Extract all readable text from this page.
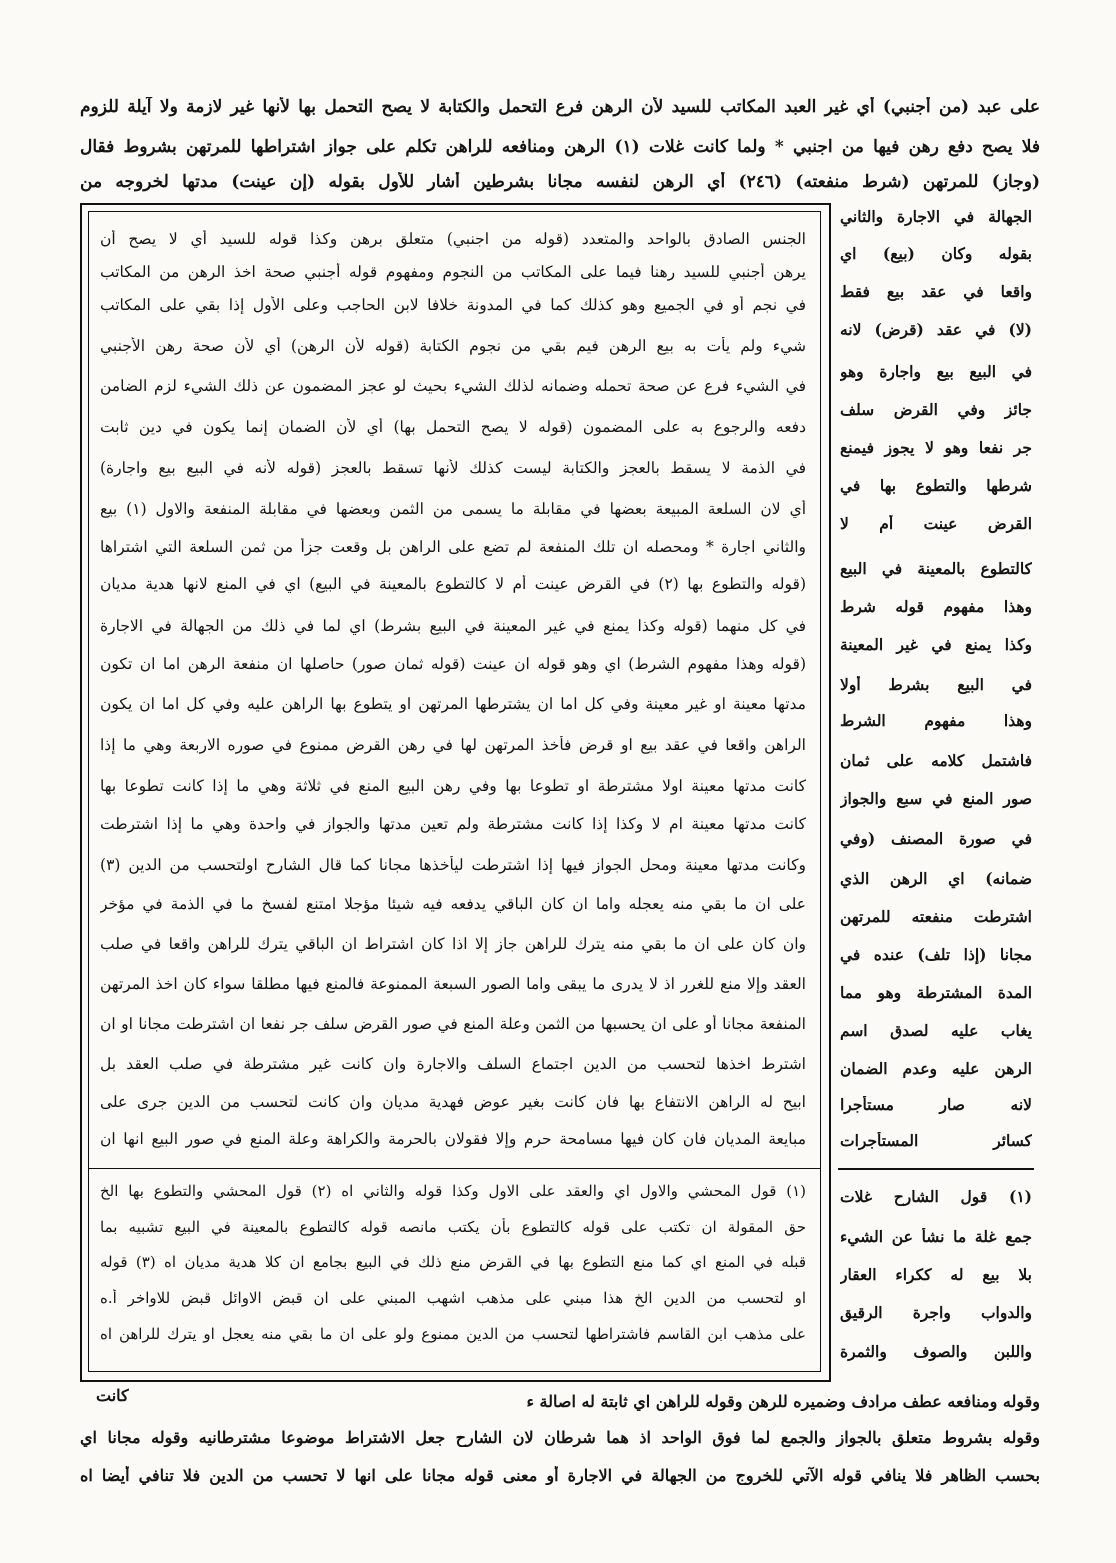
على عبد (من أجنبي) أي غير العبد المكاتب للسيد لأن الرهن فرع التحمل والكتابة لا يصح التحمل بها لأنها غير لازمة ولا آيلة للزوم
فلا يصح دفع رهن فيها من اجنبي * ولما كانت غلات (١) الرهن ومنافعه للراهن تكلم على جواز اشتراطها للمرتهن بشروط فقال
(وجاز) للمرتهن (شرط منفعته) (٢٤٦) أي الرهن لنفسه مجانا بشرطين أشار للأول بقوله (إن عينت) مدتها لخروجه من
الجنس الصادق بالواحد والمتعدد (قوله من اجنبي) متعلق برهن وكذا قوله للسيد أي لا يصح أن
يرهن أجنبي للسيد رهنا فيما على المكاتب من النجوم ومفهوم قوله أجنبي صحة اخذ الرهن من المكاتب
في نجم أو في الجميع وهو كذلك كما في المدونة خلافا لابن الحاجب وعلى الأول إذا بقي على المكاتب
شيء ولم يأت به بيع الرهن فيم بقي من نجوم الكتابة (قوله لأن الرهن) أي لأن صحة رهن الأجنبي
في الشيء فرع عن صحة تحمله وضمانه لذلك الشيء بحيث لو عجز المضمون عن ذلك الشيء لزم الضامن
دفعه والرجوع به على المضمون (قوله لا يصح التحمل بها) أي لأن الضمان إنما يكون في دين ثابت
في الذمة لا يسقط بالعجز والكتابة ليست كذلك لأنها تسقط بالعجز (قوله لأنه في البيع بيع واجارة)
أي لان السلعة المبيعة بعضها في مقابلة ما يسمى من الثمن وبعضها في مقابلة المنفعة والاول (١) بيع
والثاني اجارة * ومحصله ان تلك المنفعة لم تضع على الراهن بل وقعت جزأ من ثمن السلعة التي اشتراها
(قوله والتطوع بها (٢) في القرض عينت أم لا كالتطوع بالمعينة في البيع) اي في المنع لانها هدية مديان
في كل منهما (قوله وكذا يمنع في غير المعينة في البيع بشرط) اي لما في ذلك من الجهالة في الاجارة
(قوله وهذا مفهوم الشرط) اي وهو قوله ان عينت (قوله ثمان صور) حاصلها ان منفعة الرهن اما ان تكون
مدتها معينة او غير معينة وفي كل اما ان يشترطها المرتهن او يتطوع بها الراهن عليه وفي كل اما ان يكون
الراهن واقعا في عقد بيع او قرض فأخذ المرتهن لها في رهن القرض ممنوع في صوره الاربعة وهي ما إذا
كانت مدتها معينة اولا مشترطة او تطوعا بها وفي رهن البيع المنع في ثلاثة وهي ما إذا كانت تطوعا بها
كانت مدتها معينة ام لا وكذا إذا كانت مشترطة ولم تعين مدتها والجواز في واحدة وهي ما إذا اشترطت
وكانت مدتها معينة ومحل الجواز فيها إذا اشترطت ليأخذها مجانا كما قال الشارح اولتحسب من الدين (٣)
على ان ما بقي منه يعجله واما ان كان الباقي يدفعه فيه شيئا مؤجلا امتنع لفسخ ما في الذمة في مؤخر
وان كان على ان ما بقي منه يترك للراهن جاز إلا اذا كان اشتراط ان الباقي يترك للراهن واقعا في صلب
العقد وإلا منع للغرر اذ لا يدرى ما يبقى واما الصور السبعة الممنوعة فالمنع فيها مطلقا سواء كان اخذ المرتهن
المنفعة مجانا أو على ان يحسبها من الثمن وعلة المنع في صور القرض سلف جر نفعا ان اشترطت مجانا او ان
اشترط اخذها لتحسب من الدين اجتماع السلف والاجارة وان كانت غير مشترطة في صلب العقد بل
ابيح له الراهن الانتفاع بها فان كانت بغير عوض فهدية مديان وان كانت لتحسب من الدين جرى على
مبايعة المديان فان كان فيها مسامحة حرم وإلا فقولان بالحرمة والكراهة وعلة المنع في صور البيع انها ان
(١) قول المحشي والاول اي والعقد على الاول وكذا قوله والثاني اه (٢) قول المحشي والتطوع بها الخ
حق المقولة ان تكتب على قوله كالتطوع بأن يكتب مانصه قوله كالتطوع بالمعينة في البيع تشبيه بما
قبله في المنع اي كما منع التطوع بها في القرض منع ذلك في البيع بجامع ان كلا هدية مديان اه (٣) قوله
او لتحسب من الدين الخ هذا مبني على مذهب اشهب المبني على ان قبض الاوائل قبض للاواخر أ.ه
على مذهب ابن القاسم فاشتراطها لتحسب من الدين ممنوع ولو على ان ما بقي منه يعجل او يترك للراهن اه
الجهالة في الاجارة والثاني
بقوله وكان (بيع) اي
واقعا في عقد بيع فقط
(لا) في عقد (قرض) لانه
في البيع بيع واجارة وهو
جائز وفي القرض سلف
جر نفعا وهو لا يجوز فيمنع
شرطها والتطوع بها في
القرض عينت أم لا
كالتطوع بالمعينة في البيع
وهذا مفهوم قوله شرط
وكذا يمنع في غير المعينة
في البيع بشرط أولا
وهذا مفهوم الشرط
فاشتمل كلامه على ثمان
صور المنع في سبع والجواز
في صورة المصنف (وفي
ضمانه) اي الرهن الذي
اشترطت منفعته للمرتهن
مجانا (إذا تلف) عنده في
المدة المشترطة وهو مما
يغاب عليه لصدق اسم
الرهن عليه وعدم الضمان
لانه صار مستأجرا
كسائر المستأجرات
(١) قول الشارح غلات
جمع غلة ما نشأ عن الشيء
بلا بيع له ككراء العقار
والدواب واجرة الرقيق
واللبن والصوف والثمرة
كانت	وقوله ومنافعه عطف مرادف وضميره للرهن وقوله للراهن اي ثابتة له اصالة ء
وقوله بشروط متعلق بالجواز والجمع لما فوق الواحد اذ هما شرطان لان الشارح جعل الاشتراط موضوعا مشترطانيه وقوله مجانا اي
بحسب الظاهر فلا ينافي قوله الآتي للخروج من الجهالة في الاجارة أو معنى قوله مجانا على انها لا تحسب من الدين فلا تنافي أيضا اه
